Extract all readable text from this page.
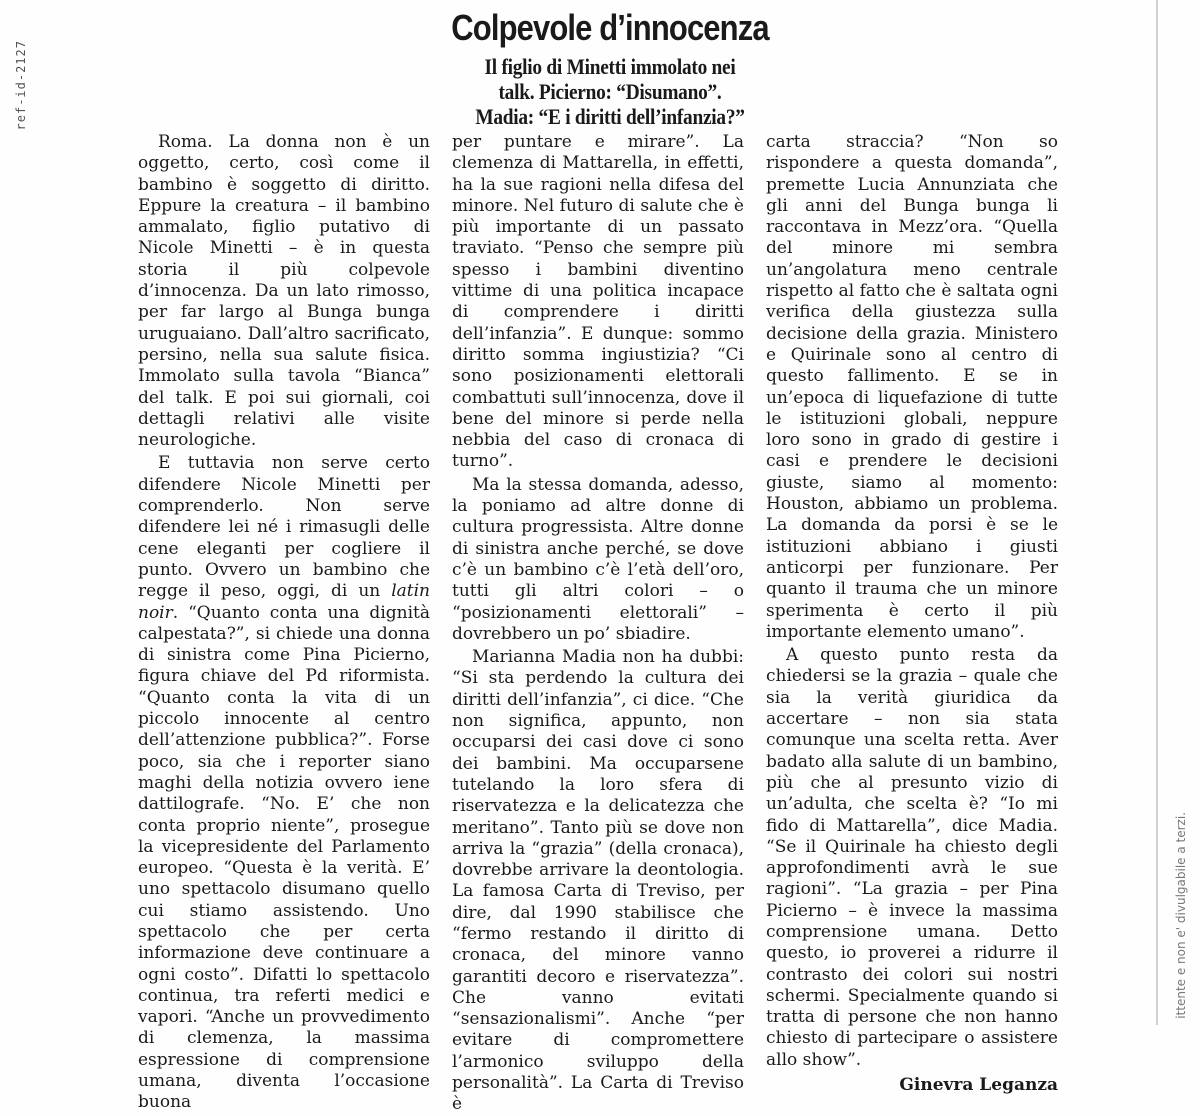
ref-id-2127
ittente e non e' divulgabile a terzi.
Colpevole d’innocenza
Il figlio di Minetti immolato nei
talk. Picierno: “Disumano”.
Madia: “E i diritti dell’infanzia?”

Roma. La donna non è un oggetto, certo, così come il bambino è soggetto di diritto. Eppure la creatura – il bambino ammalato, figlio putativo di Nicole Minetti – è in questa storia il più colpevole d’innocenza. Da un lato rimosso, per far largo al Bunga bunga uruguaiano. Dall’altro sacrificato, persino, nella sua salute fisica. Immolato sulla tavola “Bianca” del talk. E poi sui giornali, coi dettagli relativi alle visite neurologiche.

E tuttavia non serve certo difendere Nicole Minetti per comprenderlo. Non serve difendere lei né i rimasugli delle cene eleganti per cogliere il punto. Ovvero un bambino che regge il peso, oggi, di un latin noir. “Quanto conta una dignità calpestata?”, si chiede una donna di sinistra come Pina Picierno, figura chiave del Pd riformista. “Quanto conta la vita di un piccolo innocente al centro dell’attenzione pubblica?”. Forse poco, sia che i reporter siano maghi della notizia ovvero iene dattilografe. “No. E’ che non conta proprio niente”, prosegue la vicepresidente del Parlamento europeo. “Questa è la verità. E’ uno spettacolo disumano quello cui stiamo assistendo. Uno spettacolo che per certa informazione deve continuare a ogni costo”. Difatti lo spettacolo continua, tra referti medici e vapori. “Anche un provvedimento di clemenza, la massima espressione di comprensione umana, diventa l’occasione buona

per puntare e mirare”. La clemenza di Mattarella, in effetti, ha la sue ragioni nella difesa del minore. Nel futuro di salute che è più importante di un passato traviato. “Penso che sempre più spesso i bambini diventino vittime di una politica incapace di comprendere i diritti dell’infanzia”. E dunque: sommo diritto somma ingiustizia? “Ci sono posizionamenti elettorali combattuti sull’innocenza, dove il bene del minore si perde nella nebbia del caso di cronaca di turno”.

Ma la stessa domanda, adesso, la poniamo ad altre donne di cultura progressista. Altre donne di sinistra anche perché, se dove c’è un bambino c’è l’età dell’oro, tutti gli altri colori – o “posizionamenti elettorali” – dovrebbero un po’ sbiadire.

Marianna Madia non ha dubbi: “Si sta perdendo la cultura dei diritti dell’infanzia”, ci dice. “Che non significa, appunto, non occuparsi dei casi dove ci sono dei bambini. Ma occuparsene tutelando la loro sfera di riservatezza e la delicatezza che meritano”. Tanto più se dove non arriva la “grazia” (della cronaca), dovrebbe arrivare la deontologia. La famosa Carta di Treviso, per dire, dal 1990 stabilisce che “fermo restando il diritto di cronaca, del minore vanno garantiti decoro e riservatezza”. Che vanno evitati “sensazionalismi”. Anche “per evitare di compromettere l’armonico sviluppo della personalità”. La Carta di Treviso è

carta straccia? “Non so rispondere a questa domanda”, premette Lucia Annunziata che gli anni del Bunga bunga li raccontava in Mezz’ora. “Quella del minore mi sembra un’angolatura meno centrale rispetto al fatto che è saltata ogni verifica della giustezza sulla decisione della grazia. Ministero e Quirinale sono al centro di questo fallimento. E se in un’epoca di liquefazione di tutte le istituzioni globali, neppure loro sono in grado di gestire i casi e prendere le decisioni giuste, siamo al momento: Houston, abbiamo un problema. La domanda da porsi è se le istituzioni abbiano i giusti anticorpi per funzionare. Per quanto il trauma che un minore sperimenta è certo il più importante elemento umano”.

A questo punto resta da chiedersi se la grazia – quale che sia la verità giuridica da accertare – non sia stata comunque una scelta retta. Aver badato alla salute di un bambino, più che al presunto vizio di un’adulta, che scelta è? “Io mi fido di Mattarella”, dice Madia. “Se il Quirinale ha chiesto degli approfondimenti avrà le sue ragioni”. “La grazia – per Pina Picierno – è invece la massima comprensione umana. Detto questo, io proverei a ridurre il contrasto dei colori sui nostri schermi. Specialmente quando si tratta di persone che non hanno chiesto di partecipare o assistere allo show”.

Ginevra Leganza
